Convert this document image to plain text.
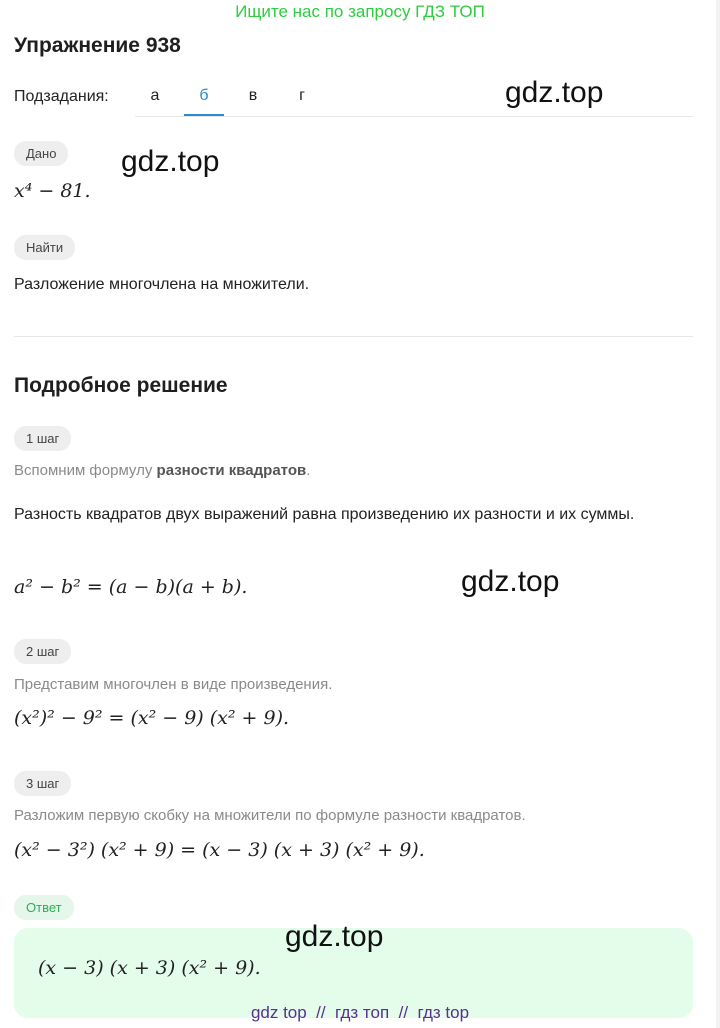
Ищите нас по запросу ГДЗ ТОП
Упражнение 938
Подзадания:	а	б	в	г	gdz.top
Дано	gdz.top
x⁴ − 81.
Найти
Разложение многочлена на множители.
Подробное решение
1 шаг
Вспомним формулу разности квадратов.
Разность квадратов двух выражений равна произведению их разности и их суммы.
a² − b² = (a − b)(a + b).	gdz.top
2 шаг
Представим многочлен в виде произведения.
(x²)² − 9² = (x² − 9) (x² + 9).
3 шаг
Разложим первую скобку на множители по формуле разности квадратов.
(x² − 3²) (x² + 9) = (x − 3) (x + 3) (x² + 9).
Ответ
(x − 3) (x + 3) (x² + 9).
gdz.top
gdz top  //  гдз топ  //  гдз top
